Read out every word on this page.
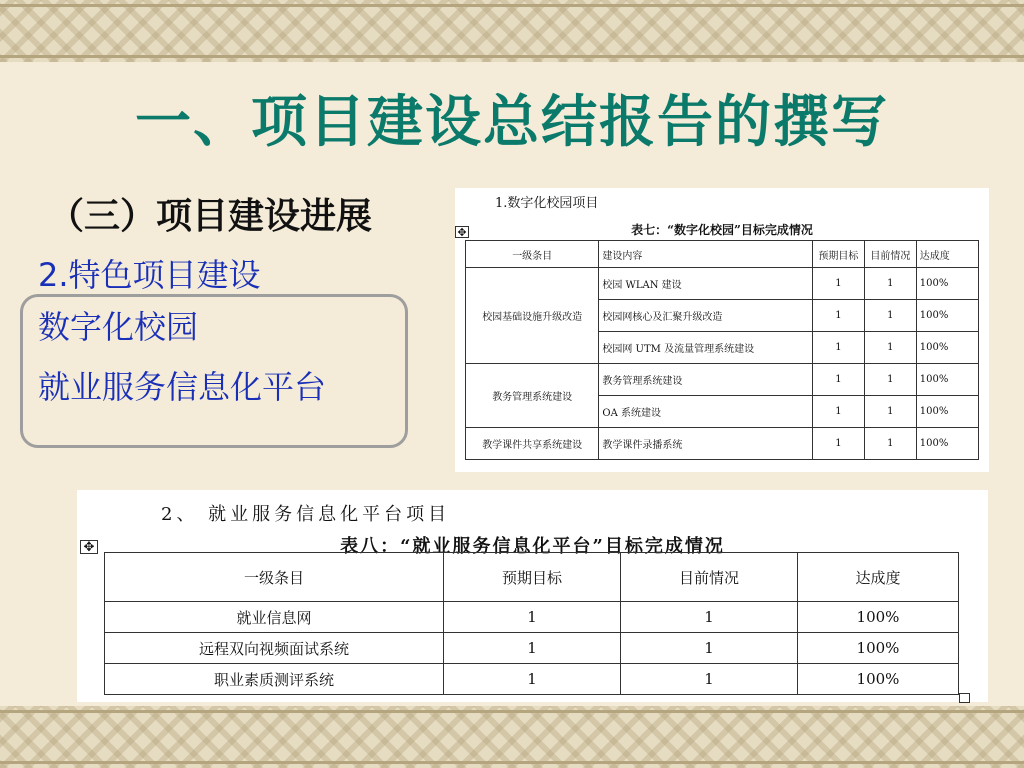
一、项目建设总结报告的撰写
（三）项目建设进展
2.特色项目建设
数字化校园
就业服务信息化平台
1.数字化校园项目
✥	表七：“数字化校园”目标完成情况
一级条目	建设内容	预期目标	目前情况	达成度
校园基础设施升级改造	校园 WLAN 建设	1	1	100%
	校园网核心及汇聚升级改造	1	1	100%
	校园网 UTM 及流量管理系统建设	1	1	100%
教务管理系统建设	教务管理系统建设	1	1	100%
	OA 系统建设	1	1	100%
教学课件共享系统建设	教学课件录播系统	1	1	100%
2、 就业服务信息化平台项目
✥	表八：“就业服务信息化平台”目标完成情况
一级条目	预期目标	目前情况	达成度
就业信息网	1	1	100%
远程双向视频面试系统	1	1	100%
职业素质测评系统	1	1	100%
